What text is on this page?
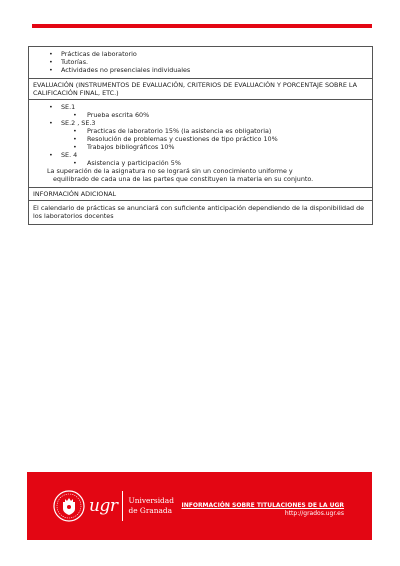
• Prácticas de laboratorio
• Tutorías.
• Actividades no presenciales individuales
EVALUACIÓN (INSTRUMENTOS DE EVALUACIÓN, CRITERIOS DE EVALUACIÓN Y PORCENTAJE SOBRE LA CALIFICACIÓN FINAL, ETC.)
• SE.1
• Prueba escrita 60%
• SE.2 , SE.3
• Practicas de laboratorio 15% (la asistencia es obligatoria)
• Resolución de problemas y cuestiones de tipo práctico 10%
• Trabajos bibliográficos 10%
• SE. 4
• Asistencia y participación 5%
La superación de la asignatura no se logrará sin un conocimiento uniforme y
equilibrado de cada una de las partes que constituyen la materia en su conjunto.
INFORMACIÓN ADICIONAL
El calendario de prácticas se anunciará con suficiente anticipación dependiendo de la disponibilidad de los laboratorios docentes
ugr Universidad
de Granada
INFORMACIÓN SOBRE TITULACIONES DE LA UGR
http://grados.ugr.es
